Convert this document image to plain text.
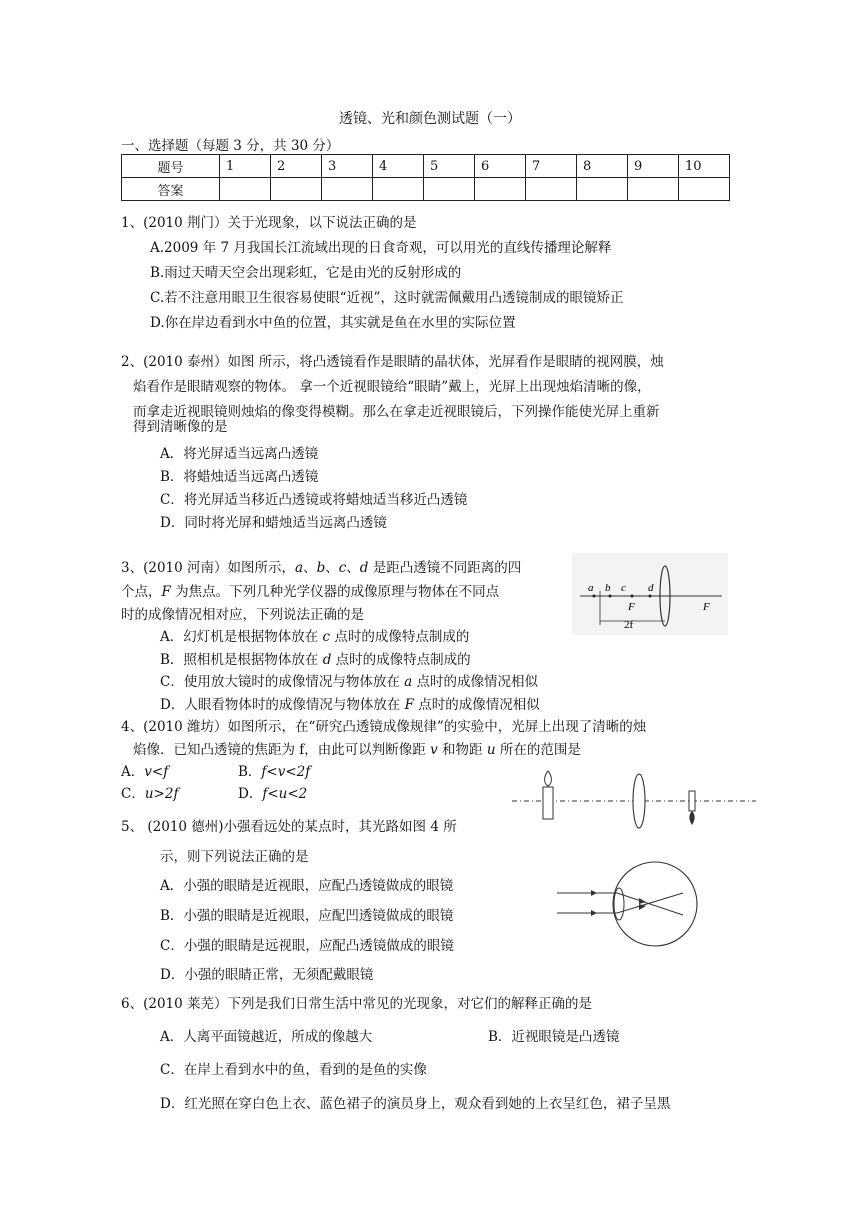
透镜、光和颜色测试题（一）
一、选择题（每题 3 分，共 30 分）
题号	1	2	3	4	5	6	7	8	9	10
答案										
1、(2010 荆门）关于光现象，以下说法正确的是
A.2009 年 7 月我国长江流域出现的日食奇观，可以用光的直线传播理论解释
B.雨过天晴天空会出现彩虹，它是由光的反射形成的
C.若不注意用眼卫生很容易使眼“近视”，这时就需佩戴用凸透镜制成的眼镜矫正
D.你在岸边看到水中鱼的位置，其实就是鱼在水里的实际位置
2、(2010 泰州）如图 所示，将凸透镜看作是眼睛的晶状体，光屏看作是眼睛的视网膜，烛
焰看作是眼睛观察的物体。 拿一个近视眼镜给“眼睛”戴上，光屏上出现烛焰清晰的像，
而拿走近视眼镜则烛焰的像变得模糊。那么在拿走近视眼镜后，下列操作能使光屏上重新
得到清晰像的是
A．将光屏适当远离凸透镜
B．将蜡烛适当远离凸透镜
C．将光屏适当移近凸透镜或将蜡烛适当移近凸透镜
D．同时将光屏和蜡烛适当远离凸透镜
3、(2010 河南）如图所示，a、b、c、d 是距凸透镜不同距离的四
个点，F 为焦点。下列几种光学仪器的成像原理与物体在不同点
时的成像情况相对应，下列说法正确的是
A．幻灯机是根据物体放在 c 点时的成像特点制成的
B．照相机是根据物体放在 d 点时的成像特点制成的
C．使用放大镜时的成像情况与物体放在 a 点时的成像情况相似
D．人眼看物体时的成像情况与物体放在 F 点时的成像情况相似
a b c d
F	F
2f
4、(2010 潍坊）如图所示，在“研究凸透镜成像规律”的实验中，光屏上出现了清晰的烛
焰像．已知凸透镜的焦距为 f，由此可以判断像距 v 和物距 u 所在的范围是
A．v<f	B．f<v<2f
C．u>2f	D．f<u<2
5、 (2010 德州)小强看远处的某点时，其光路如图 4 所
示，则下列说法正确的是
A．小强的眼睛是近视眼，应配凸透镜做成的眼镜
B．小强的眼睛是近视眼，应配凹透镜做成的眼镜
C．小强的眼睛是远视眼，应配凸透镜做成的眼镜
D．小强的眼睛正常，无须配戴眼镜
6、(2010 莱芜）下列是我们日常生活中常见的光现象，对它们的解释正确的是
A．人离平面镜越近，所成的像越大	B．近视眼镜是凸透镜
C．在岸上看到水中的鱼，看到的是鱼的实像
D．红光照在穿白色上衣、蓝色裙子的演员身上，观众看到她的上衣呈红色，裙子呈黑
